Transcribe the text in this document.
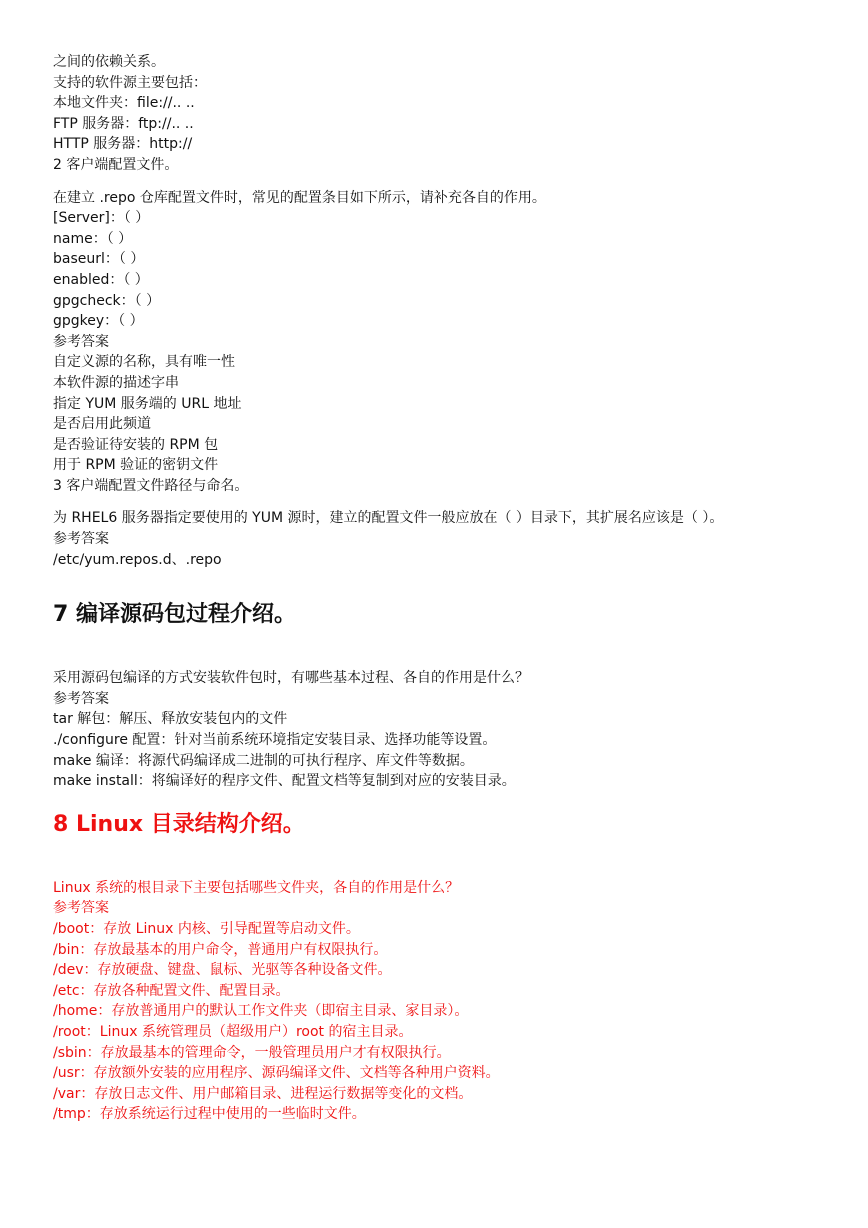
之间的依赖关系。
支持的软件源主要包括：
本地文件夹：file://.. ..
FTP 服务器：ftp://.. ..
HTTP 服务器：http://
2 客户端配置文件。
在建立 .repo 仓库配置文件时，常见的配置条目如下所示，请补充各自的作用。
[Server]：（ ）
name：（ ）
baseurl：（ ）
enabled：（ ）
gpgcheck：（ ）
gpgkey：（ ）
参考答案
自定义源的名称，具有唯一性
本软件源的描述字串
指定 YUM 服务端的 URL 地址
是否启用此频道
是否验证待安装的 RPM 包
用于 RPM 验证的密钥文件
3 客户端配置文件路径与命名。
为 RHEL6 服务器指定要使用的 YUM 源时，建立的配置文件一般应放在（ ）目录下，其扩展名应该是（ ）。
参考答案
/etc/yum.repos.d、.repo
7 编译源码包过程介绍。
采用源码包编译的方式安装软件包时，有哪些基本过程、各自的作用是什么？
参考答案
tar 解包：解压、释放安装包内的文件
./configure 配置：针对当前系统环境指定安装目录、选择功能等设置。
make 编译：将源代码编译成二进制的可执行程序、库文件等数据。
make install：将编译好的程序文件、配置文档等复制到对应的安装目录。
8 Linux 目录结构介绍。
Linux 系统的根目录下主要包括哪些文件夹，各自的作用是什么？
参考答案
/boot：存放 Linux 内核、引导配置等启动文件。
/bin：存放最基本的用户命令，普通用户有权限执行。
/dev：存放硬盘、键盘、鼠标、光驱等各种设备文件。
/etc：存放各种配置文件、配置目录。
/home：存放普通用户的默认工作文件夹（即宿主目录、家目录）。
/root：Linux 系统管理员（超级用户）root 的宿主目录。
/sbin：存放最基本的管理命令，一般管理员用户才有权限执行。
/usr：存放额外安装的应用程序、源码编译文件、文档等各种用户资料。
/var：存放日志文件、用户邮箱目录、进程运行数据等变化的文档。
/tmp：存放系统运行过程中使用的一些临时文件。
